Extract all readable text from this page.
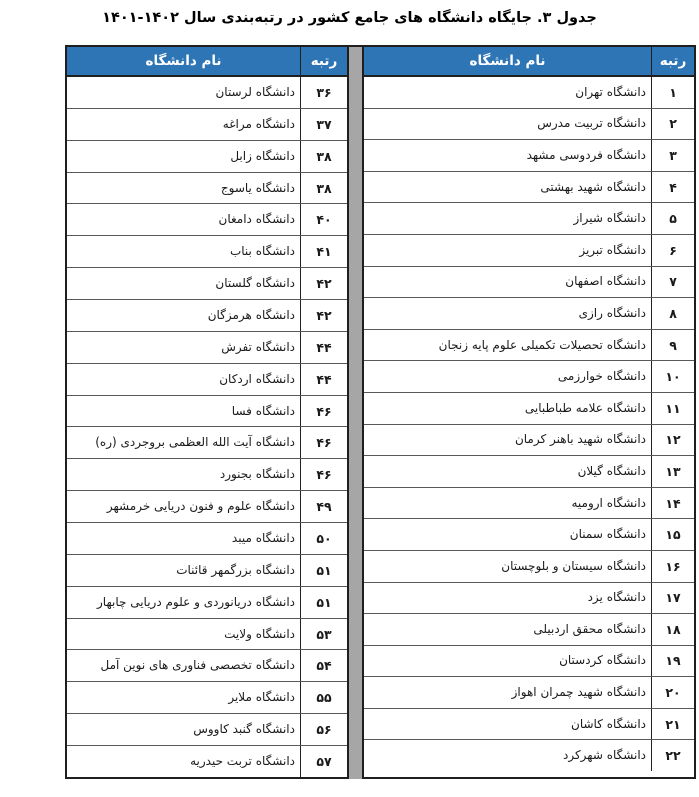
جدول ۳. جایگاه دانشگاه های جامع کشور در رتبه‌بندی سال ۱۴۰۲-۱۴۰۱
رتبه
نام دانشگاه
۱
دانشگاه تهران
۲
دانشگاه تربیت مدرس
۳
دانشگاه فردوسی مشهد
۴
دانشگاه شهید بهشتی
۵
دانشگاه شیراز
۶
دانشگاه تبریز
۷
دانشگاه اصفهان
۸
دانشگاه رازی
۹
دانشگاه تحصیلات تکمیلی علوم پایه زنجان
۱۰
دانشگاه خوارزمی
۱۱
دانشگاه علامه طباطبایی
۱۲
دانشگاه شهید باهنر کرمان
۱۳
دانشگاه گیلان
۱۴
دانشگاه ارومیه
۱۵
دانشگاه سمنان
۱۶
دانشگاه سیستان و بلوچستان
۱۷
دانشگاه یزد
۱۸
دانشگاه محقق اردبیلی
۱۹
دانشگاه کردستان
۲۰
دانشگاه شهید چمران اهواز
۲۱
دانشگاه کاشان
۲۲
دانشگاه شهرکرد
رتبه
نام دانشگاه
۳۶
دانشگاه لرستان
۳۷
دانشگاه مراغه
۳۸
دانشگاه زابل
۳۸
دانشگاه یاسوج
۴۰
دانشگاه دامغان
۴۱
دانشگاه بناب
۴۲
دانشگاه گلستان
۴۲
دانشگاه هرمزگان
۴۴
دانشگاه تفرش
۴۴
دانشگاه اردکان
۴۶
دانشگاه فسا
۴۶
دانشگاه آیت الله العظمی بروجردی (ره)
۴۶
دانشگاه بجنورد
۴۹
دانشگاه علوم و فنون دریایی خرمشهر
۵۰
دانشگاه میبد
۵۱
دانشگاه بزرگمهر قائنات
۵۱
دانشگاه دریانوردی و علوم دریایی چابهار
۵۳
دانشگاه ولایت
۵۴
دانشگاه تخصصی فناوری های نوین آمل
۵۵
دانشگاه ملایر
۵۶
دانشگاه گنبد کاووس
۵۷
دانشگاه تربت حیدریه
